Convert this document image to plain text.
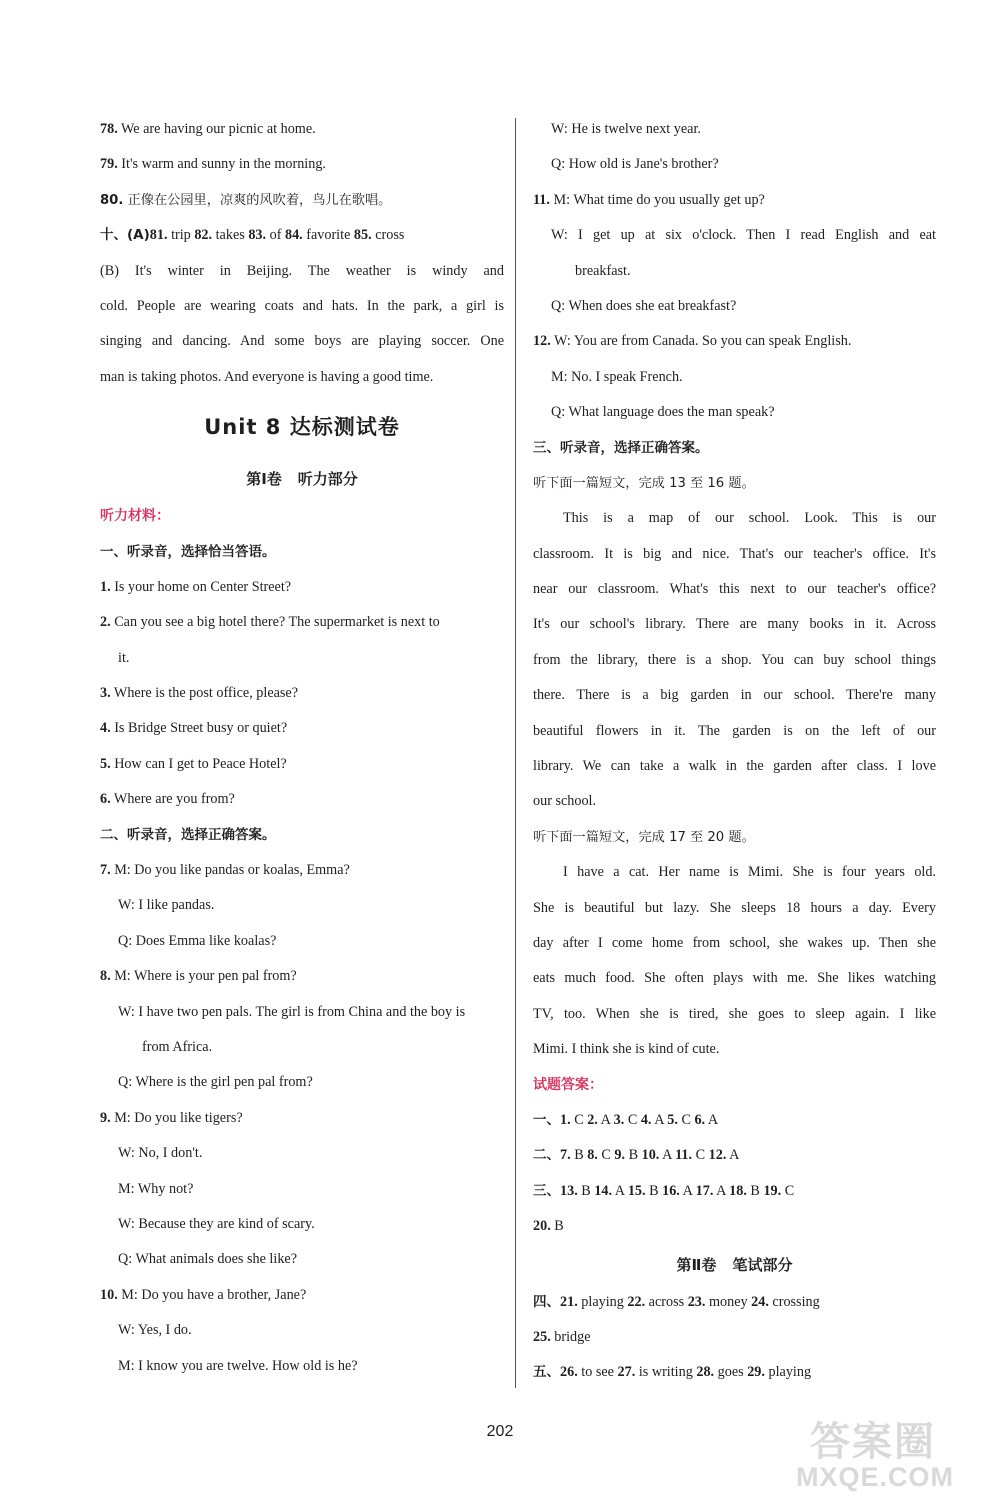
78. We are having our picnic at home.
79. It's warm and sunny in the morning.
80. 正像在公园里，凉爽的风吹着，鸟儿在歌唱。
十、(A)81. trip 82. takes 83. of 84. favorite 85. cross
(B) It's winter in Beijing. The weather is windy and
cold. People are wearing coats and hats. In the park, a girl is
singing and dancing. And some boys are playing soccer. One
man is taking photos. And everyone is having a good time.
Unit 8 达标测试卷
第Ⅰ卷 听力部分
听力材料：
一、听录音，选择恰当答语。
1. Is your home on Center Street?
2. Can you see a big hotel there? The supermarket is next to
it.
3. Where is the post office, please?
4. Is Bridge Street busy or quiet?
5. How can I get to Peace Hotel?
6. Where are you from?
二、听录音，选择正确答案。
7. M: Do you like pandas or koalas, Emma?
W: I like pandas.
Q: Does Emma like koalas?
8. M: Where is your pen pal from?
W: I have two pen pals. The girl is from China and the boy is
from Africa.
Q: Where is the girl pen pal from?
9. M: Do you like tigers?
W: No, I don't.
M: Why not?
W: Because they are kind of scary.
Q: What animals does she like?
10. M: Do you have a brother, Jane?
W: Yes, I do.
M: I know you are twelve. How old is he?
W: He is twelve next year.
Q: How old is Jane's brother?
11. M: What time do you usually get up?
W: I get up at six o'clock. Then I read English and eat
breakfast.
Q: When does she eat breakfast?
12. W: You are from Canada. So you can speak English.
M: No. I speak French.
Q: What language does the man speak?
三、听录音，选择正确答案。
听下面一篇短文，完成 13 至 16 题。
This is a map of our school. Look. This is our
classroom. It is big and nice. That's our teacher's office. It's
near our classroom. What's this next to our teacher's office?
It's our school's library. There are many books in it. Across
from the library, there is a shop. You can buy school things
there. There is a big garden in our school. There're many
beautiful flowers in it. The garden is on the left of our
library. We can take a walk in the garden after class. I love
our school.
听下面一篇短文，完成 17 至 20 题。
I have a cat. Her name is Mimi. She is four years old.
She is beautiful but lazy. She sleeps 18 hours a day. Every
day after I come home from school, she wakes up. Then she
eats much food. She often plays with me. She likes watching
TV, too. When she is tired, she goes to sleep again. I like
Mimi. I think she is kind of cute.
试题答案：
一、1. C 2. A 3. C 4. A 5. C 6. A
二、7. B 8. C 9. B 10. A 11. C 12. A
三、13. B 14. A 15. B 16. A 17. A 18. B 19. C
20. B
第Ⅱ卷 笔试部分
四、21. playing 22. across 23. money 24. crossing
25. bridge
五、26. to see 27. is writing 28. goes 29. playing
202	答案圈
MXQE.COM
